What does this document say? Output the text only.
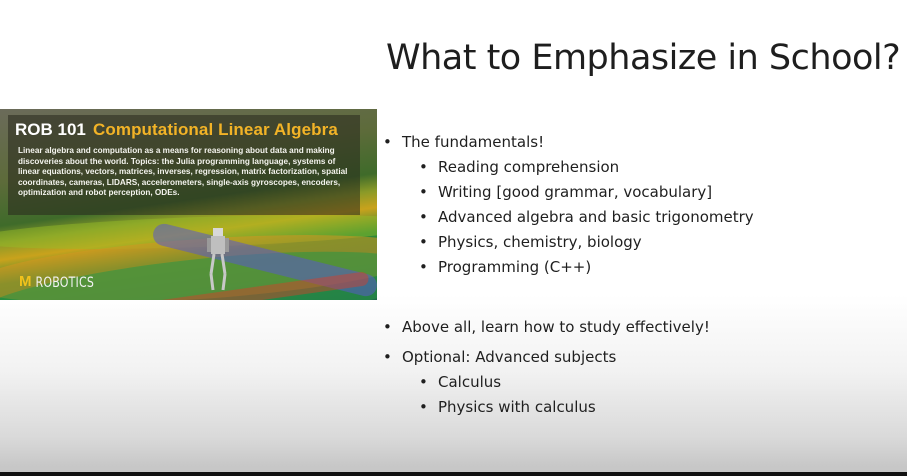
What to Emphasize in School?
ROB 101 Computational Linear Algebra

Linear algebra and computation as a means for reasoning about data and making discoveries about the world. Topics: the Julia programming language, systems of linear equations, vectors, matrices, inverses, regression, matrix factorization, spatial coordinates, cameras, LIDARS, accelerometers, single-axis gyroscopes, encoders, optimization and robot perception, ODEs.

M ROBOTICS
• The fundamentals!
• Reading comprehension
• Writing [good grammar, vocabulary]
• Advanced algebra and basic trigonometry
• Physics, chemistry, biology
• Programming (C++)
• Above all, learn how to study effectively!
• Optional: Advanced subjects
• Calculus
• Physics with calculus
